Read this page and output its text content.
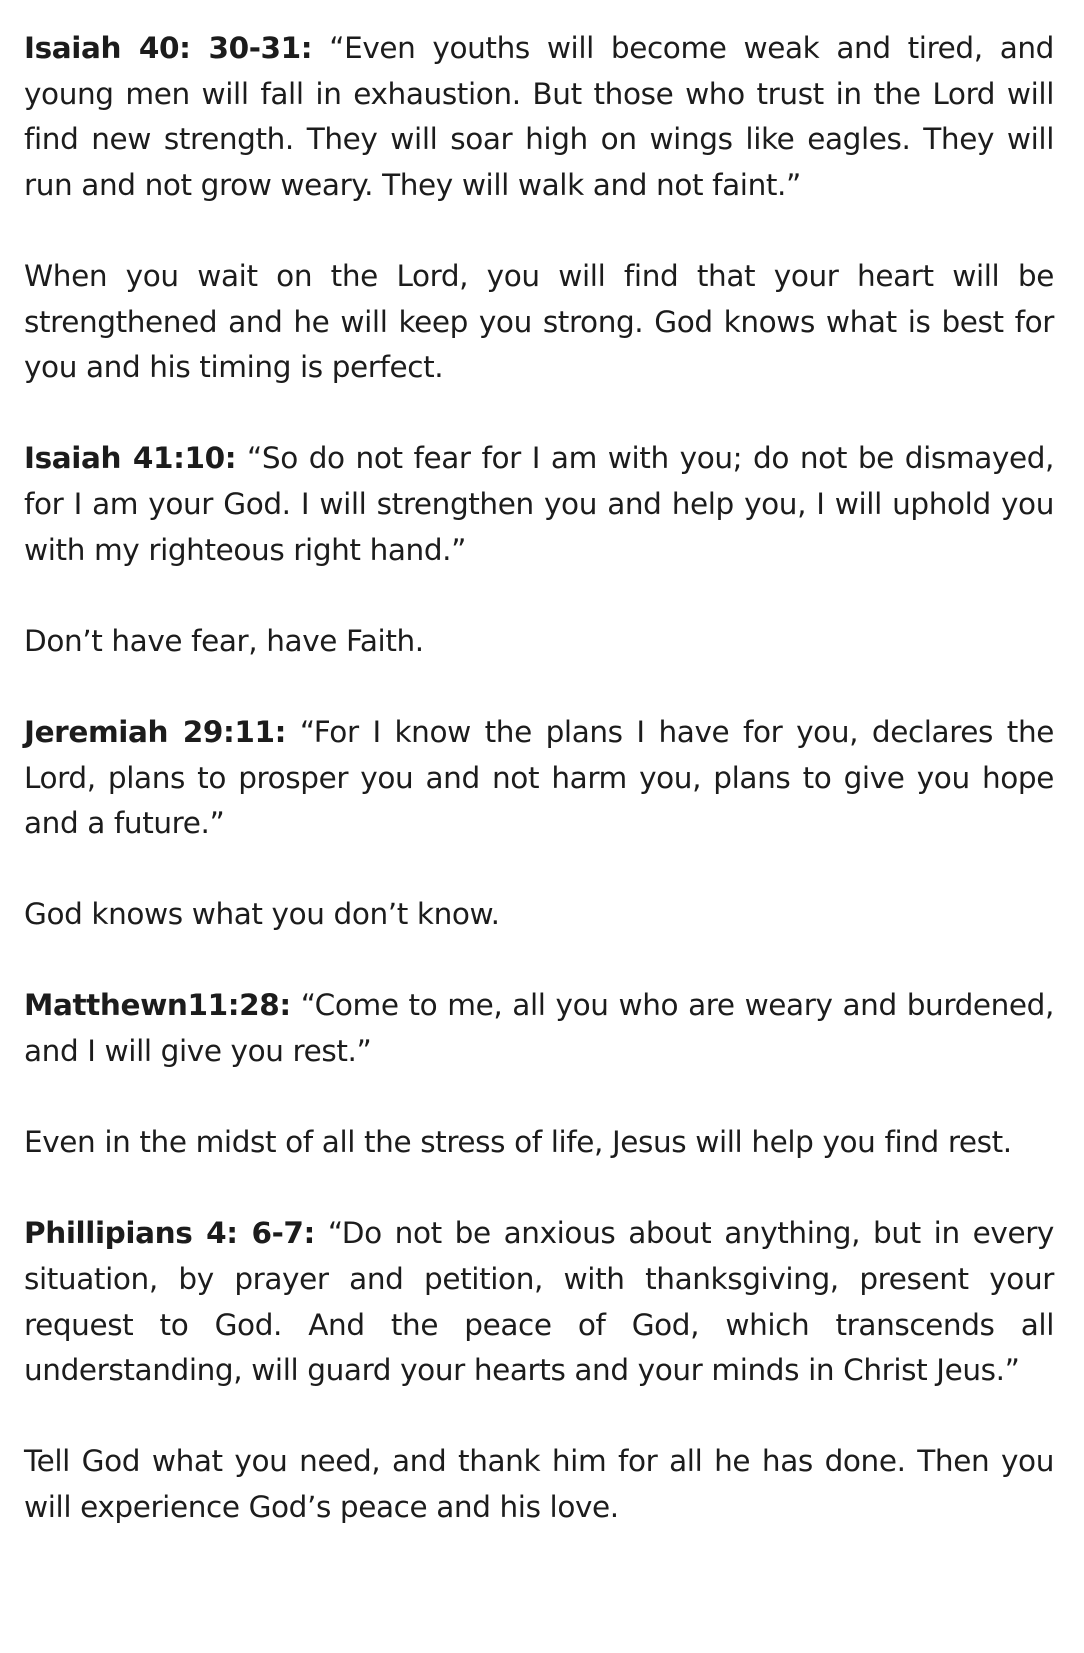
Isaiah 40: 30-31: “Even youths will become weak and tired, and young men will fall in exhaustion. But those who trust in the Lord will find new strength. They will soar high on wings like eagles. They will run and not grow weary. They will walk and not faint.”

When you wait on the Lord, you will find that your heart will be strengthened and he will keep you strong. God knows what is best for you and his timing is perfect.

Isaiah 41:10: “So do not fear for I am with you; do not be dismayed, for I am your God. I will strengthen you and help you, I will uphold you with my righteous right hand.”

Don’t have fear, have Faith.

Jeremiah 29:11: “For I know the plans I have for you, declares the Lord, plans to prosper you and not harm you, plans to give you hope and a future.”

God knows what you don’t know.

Matthewn11:28: “Come to me, all you who are weary and burdened, and I will give you rest.”

Even in the midst of all the stress of life, Jesus will help you find rest.

Phillipians 4: 6-7: “Do not be anxious about anything, but in every situation, by prayer and petition, with thanksgiving, present your request to God. And the peace of God, which transcends all understanding, will guard your hearts and your minds in Christ Jeus.”

Tell God what you need, and thank him for all he has done. Then you will experience God’s peace and his love.
